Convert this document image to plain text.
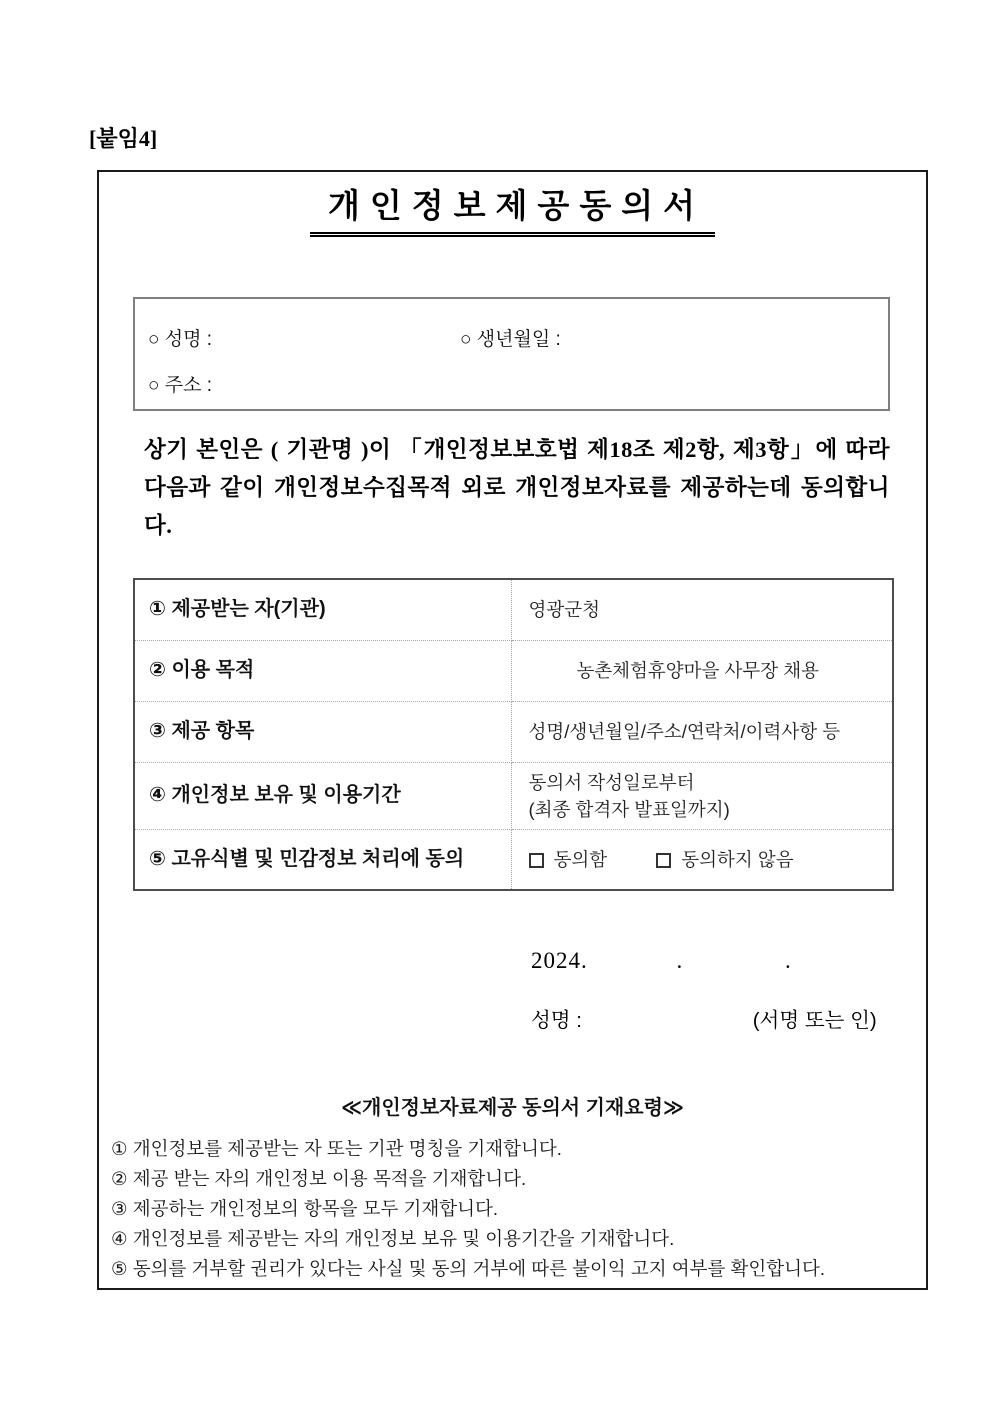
[붙임4]
개인정보제공동의서
○ 성명 :	○ 생년월일 :
○ 주소 :
상기 본인은 ( 기관명 )이 「개인정보보호법 제18조 제2항, 제3항」에 따라 다음과 같이 개인정보수집목적 외로 개인정보자료를 제공하는데 동의합니다.
① 제공받는 자(기관)	영광군청
② 이용 목적	농촌체험휴양마을 사무장 채용
③ 제공 항목	성명/생년월일/주소/연락처/이력사항 등
④ 개인정보 보유 및 이용기간	동의서 작성일로부터
(최종 합격자 발표일까지)

⑤ 고유식별 및 민감정보 처리에 동의	동의함 동의하지 않음
2024.	.	.
성명 :	(서명 또는 인)
≪개인정보자료제공 동의서 기재요령≫
① 개인정보를 제공받는 자 또는 기관 명칭을 기재합니다.
② 제공 받는 자의 개인정보 이용 목적을 기재합니다.
③ 제공하는 개인정보의 항목을 모두 기재합니다.
④ 개인정보를 제공받는 자의 개인정보 보유 및 이용기간을 기재합니다.
⑤ 동의를 거부할 권리가 있다는 사실 및 동의 거부에 따른 불이익 고지 여부를 확인합니다.
